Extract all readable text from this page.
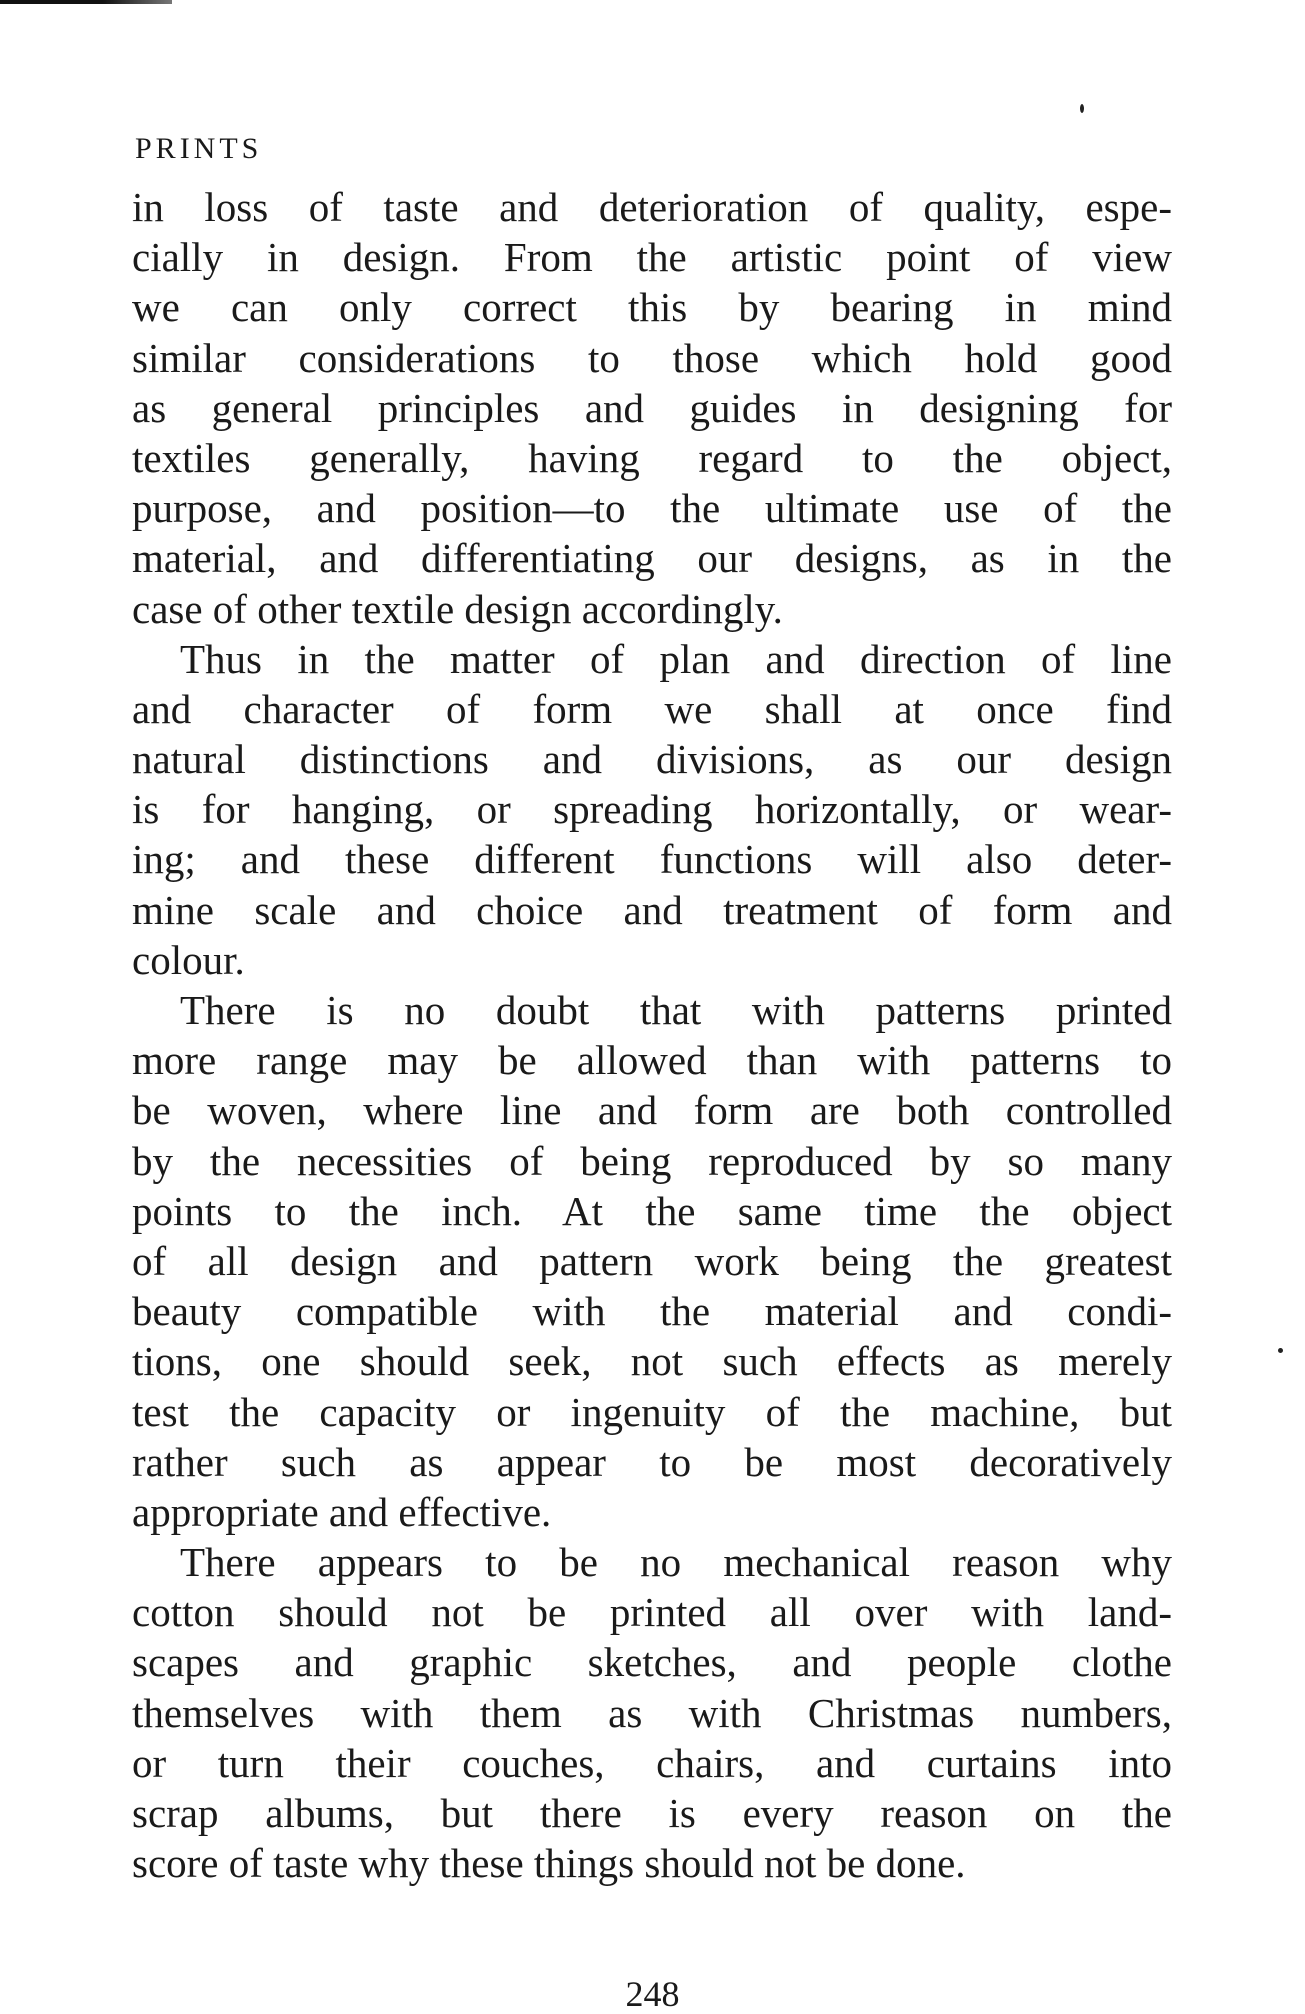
PRINTS
in loss of taste and deterioration of quality, espe-
cially in design. From the artistic point of view
we can only correct this by bearing in mind
similar considerations to those which hold good
as general principles and guides in designing for
textiles generally, having regard to the object,
purpose, and position—to the ultimate use of the
material, and differentiating our designs, as in the
case of other textile design accordingly.
Thus in the matter of plan and direction of line
and character of form we shall at once find
natural distinctions and divisions, as our design
is for hanging, or spreading horizontally, or wear-
ing; and these different functions will also deter-
mine scale and choice and treatment of form and
colour.
There is no doubt that with patterns printed
more range may be allowed than with patterns to
be woven, where line and form are both controlled
by the necessities of being reproduced by so many
points to the inch. At the same time the object
of all design and pattern work being the greatest
beauty compatible with the material and condi-
tions, one should seek, not such effects as merely
test the capacity or ingenuity of the machine, but
rather such as appear to be most decoratively
appropriate and effective.
There appears to be no mechanical reason why
cotton should not be printed all over with land-
scapes and graphic sketches, and people clothe
themselves with them as with Christmas numbers,
or turn their couches, chairs, and curtains into
scrap albums, but there is every reason on the
score of taste why these things should not be done.
248
